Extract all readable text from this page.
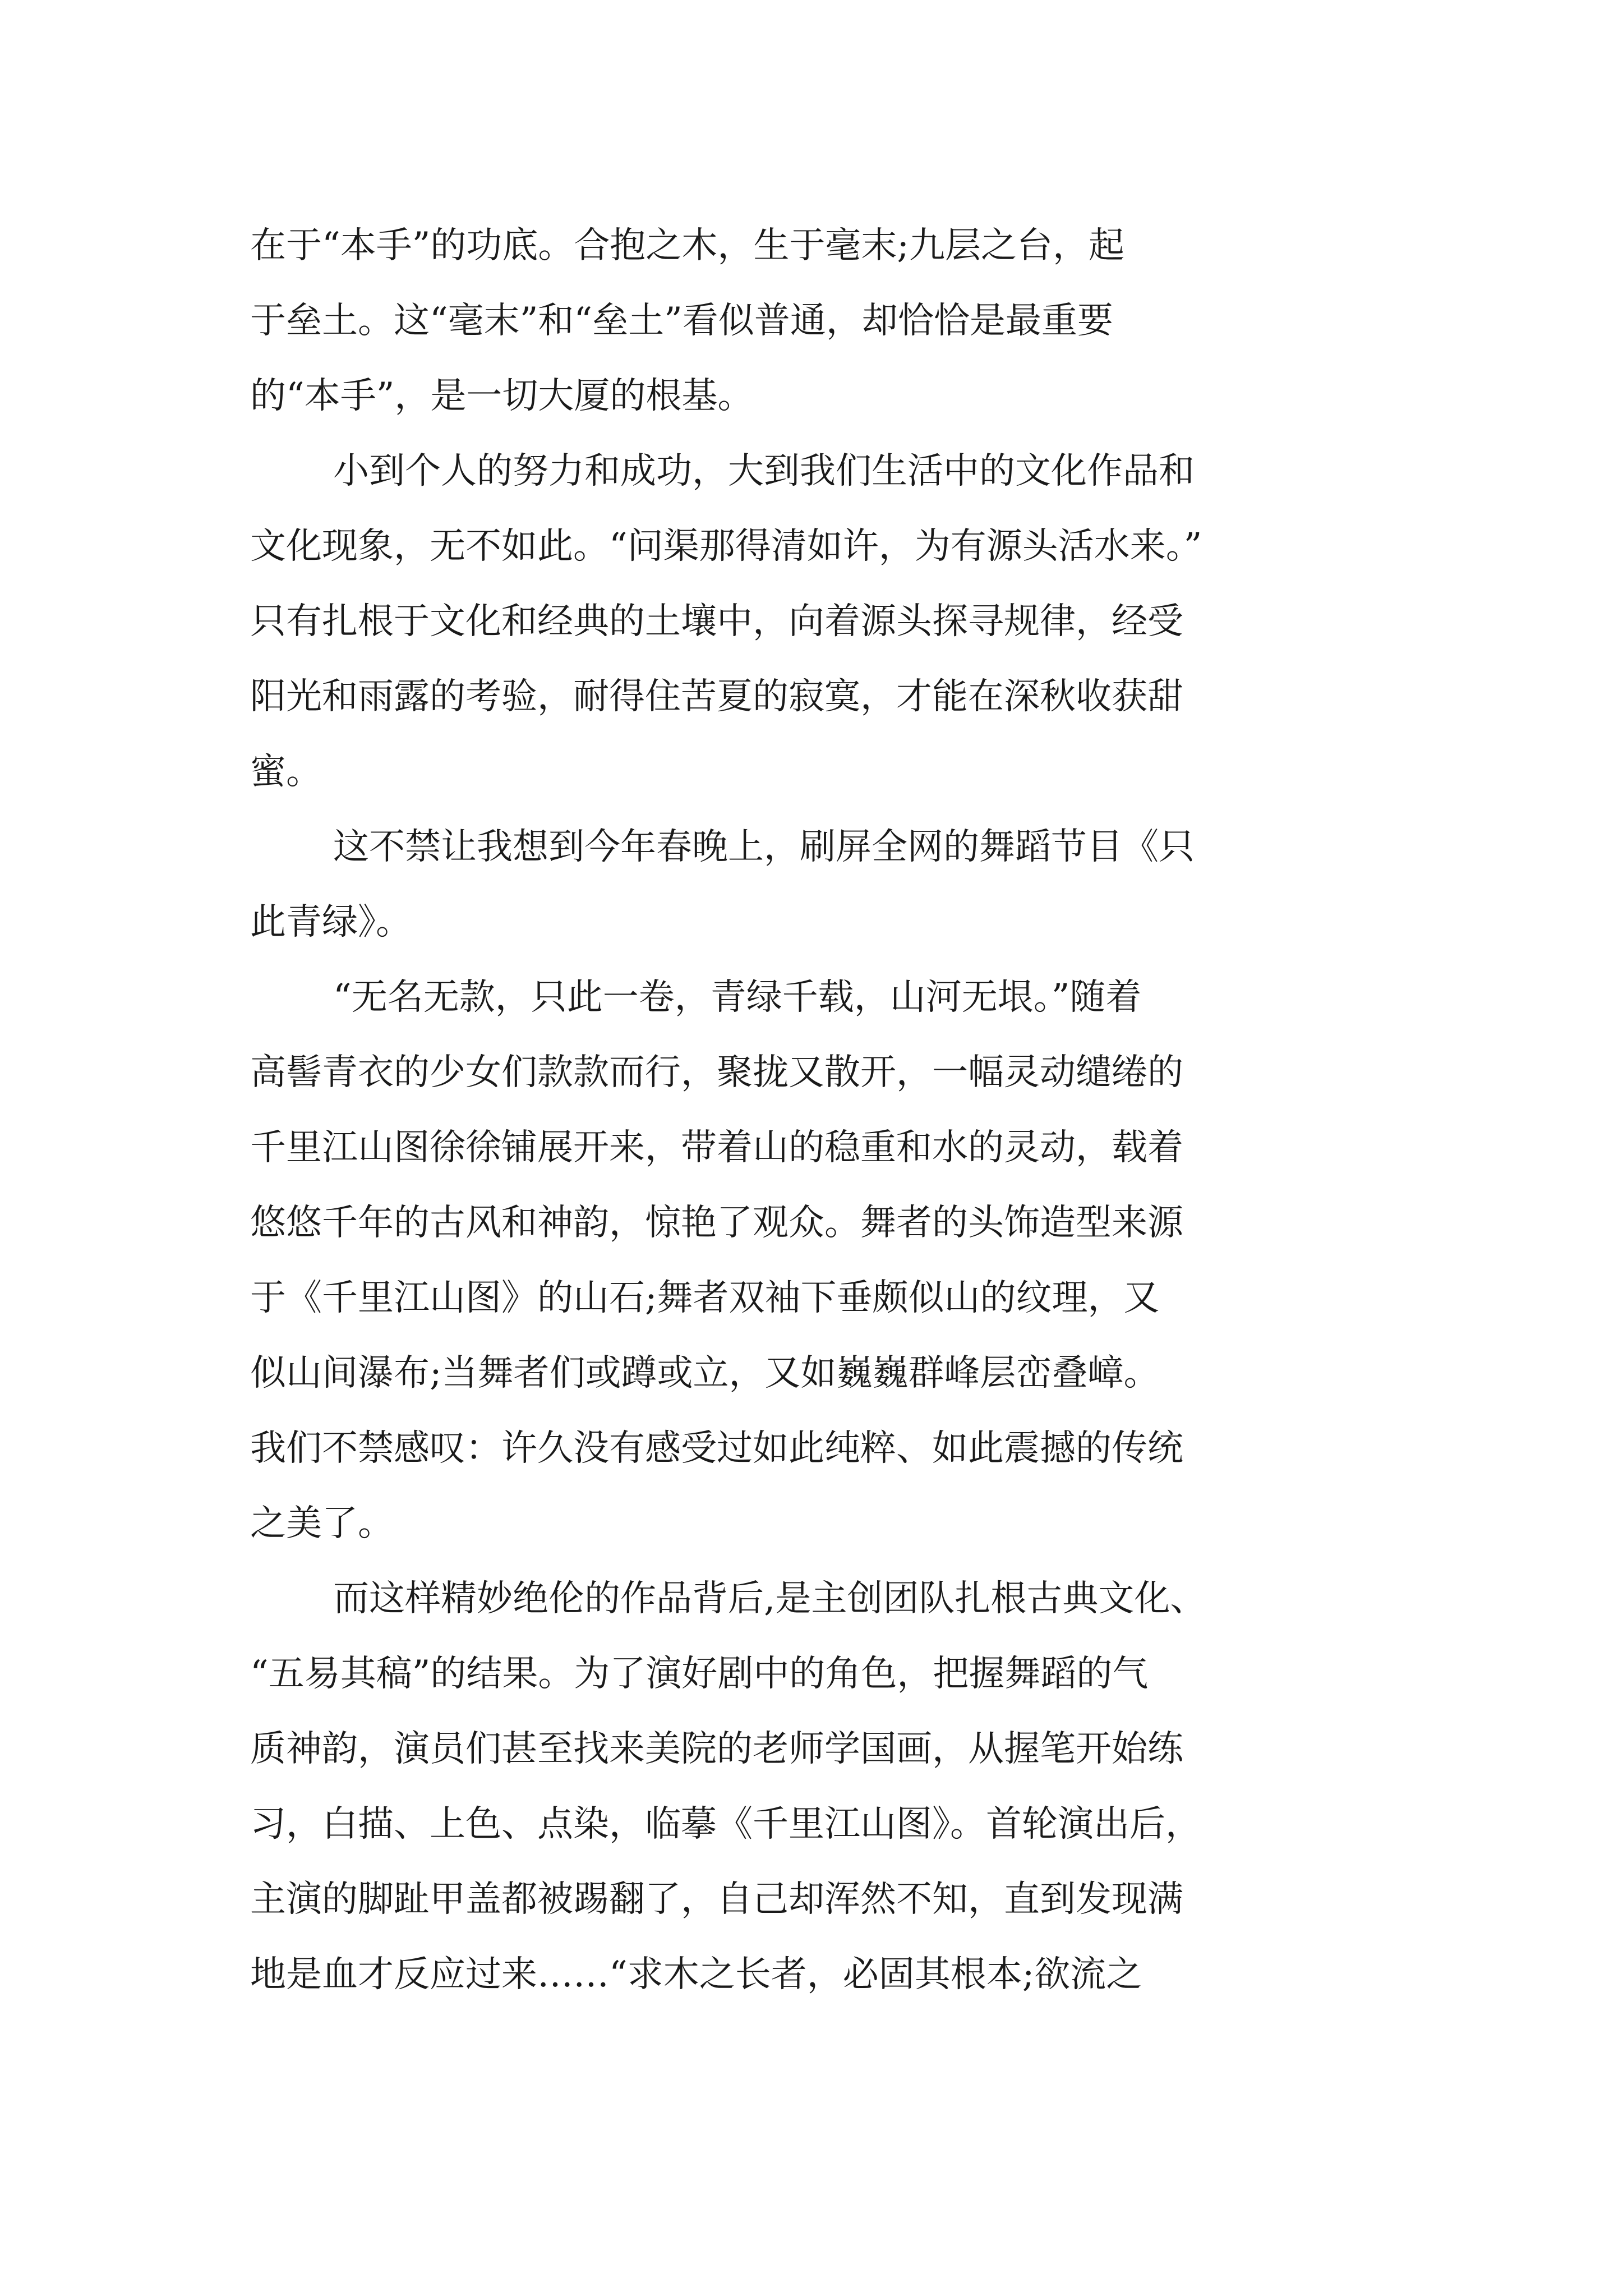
在于“本手”的功底。合抱之木，生于毫末;九层之台，起
于垒土。这“毫末”和“垒土”看似普通，却恰恰是最重要
的“本手”，是一切大厦的根基。
小到个人的努力和成功，大到我们生活中的文化作品和
文化现象，无不如此。“问渠那得清如许，为有源头活水来。”
只有扎根于文化和经典的土壤中，向着源头探寻规律，经受
阳光和雨露的考验，耐得住苦夏的寂寞，才能在深秋收获甜
蜜。
这不禁让我想到今年春晚上，刷屏全网的舞蹈节目《只
此青绿》。
“无名无款，只此一卷，青绿千载，山河无垠。”随着
高髻青衣的少女们款款而行，聚拢又散开，一幅灵动缱绻的
千里江山图徐徐铺展开来，带着山的稳重和水的灵动，载着
悠悠千年的古风和神韵，惊艳了观众。舞者的头饰造型来源
于《千里江山图》的山石;舞者双袖下垂颇似山的纹理，又
似山间瀑布;当舞者们或蹲或立，又如巍巍群峰层峦叠嶂。
我们不禁感叹：许久没有感受过如此纯粹、如此震撼的传统
之美了。
而这样精妙绝伦的作品背后,是主创团队扎根古典文化、
“五易其稿”的结果。为了演好剧中的角色，把握舞蹈的气
质神韵，演员们甚至找来美院的老师学国画，从握笔开始练
习，白描、上色、点染，临摹《千里江山图》。首轮演出后，
主演的脚趾甲盖都被踢翻了，自己却浑然不知，直到发现满
地是血才反应过来……“求木之长者，必固其根本;欲流之
